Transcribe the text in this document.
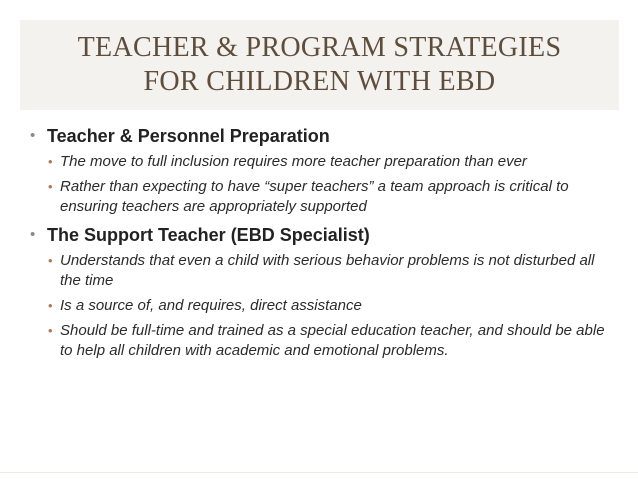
TEACHER & PROGRAM STRATEGIES
FOR CHILDREN WITH EBD
• Teacher & Personnel Preparation
• The move to full inclusion requires more teacher preparation than ever
• Rather than expecting to have “super teachers” a team approach is critical to ensuring teachers are appropriately supported
• The Support Teacher (EBD Specialist)
• Understands that even a child with serious behavior problems is not disturbed all the time
• Is a source of, and requires, direct assistance
• Should be full-time and trained as a special education teacher, and should be able to help all children with academic and emotional problems.
